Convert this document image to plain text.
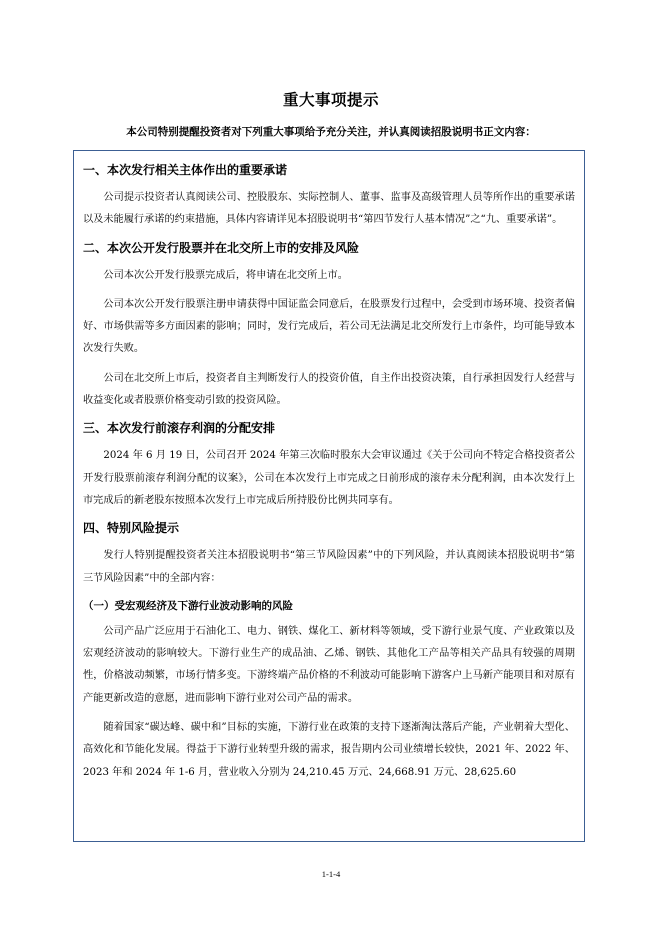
重大事项提示
本公司特别提醒投资者对下列重大事项给予充分关注，并认真阅读招股说明书正文内容：
一、本次发行相关主体作出的重要承诺

公司提示投资者认真阅读公司、控股股东、实际控制人、董事、监事及高级管理人员等所作出的重要承诺以及未能履行承诺的约束措施，具体内容请详见本招股说明书“第四节发行人基本情况”之“九、重要承诺”。

二、本次公开发行股票并在北交所上市的安排及风险

公司本次公开发行股票完成后，将申请在北交所上市。

公司本次公开发行股票注册申请获得中国证监会同意后，在股票发行过程中，会受到市场环境、投资者偏好、市场供需等多方面因素的影响；同时，发行完成后，若公司无法满足北交所发行上市条件，均可能导致本次发行失败。

公司在北交所上市后，投资者自主判断发行人的投资价值，自主作出投资决策，自行承担因发行人经营与收益变化或者股票价格变动引致的投资风险。

三、本次发行前滚存利润的分配安排

2024 年 6 月 19 日，公司召开 2024 年第三次临时股东大会审议通过《关于公司向不特定合格投资者公开发行股票前滚存利润分配的议案》，公司在本次发行上市完成之日前形成的滚存未分配利润，由本次发行上市完成后的新老股东按照本次发行上市完成后所持股份比例共同享有。

四、特别风险提示

发行人特别提醒投资者关注本招股说明书“第三节风险因素”中的下列风险，并认真阅读本招股说明书“第三节风险因素”中的全部内容：

（一）受宏观经济及下游行业波动影响的风险

公司产品广泛应用于石油化工、电力、钢铁、煤化工、新材料等领域，受下游行业景气度、产业政策以及宏观经济波动的影响较大。下游行业生产的成品油、乙烯、钢铁、其他化工产品等相关产品具有较强的周期性，价格波动频繁，市场行情多变。下游终端产品价格的不利波动可能影响下游客户上马新产能项目和对原有产能更新改造的意愿，进而影响下游行业对公司产品的需求。

随着国家“碳达峰、碳中和”目标的实施，下游行业在政策的支持下逐渐淘汰落后产能，产业朝着大型化、高效化和节能化发展。得益于下游行业转型升级的需求，报告期内公司业绩增长较快，2021 年、2022 年、2023 年和 2024 年 1-6 月，营业收入分别为 24,210.45 万元、24,668.91 万元、28,625.60

1-1-4
